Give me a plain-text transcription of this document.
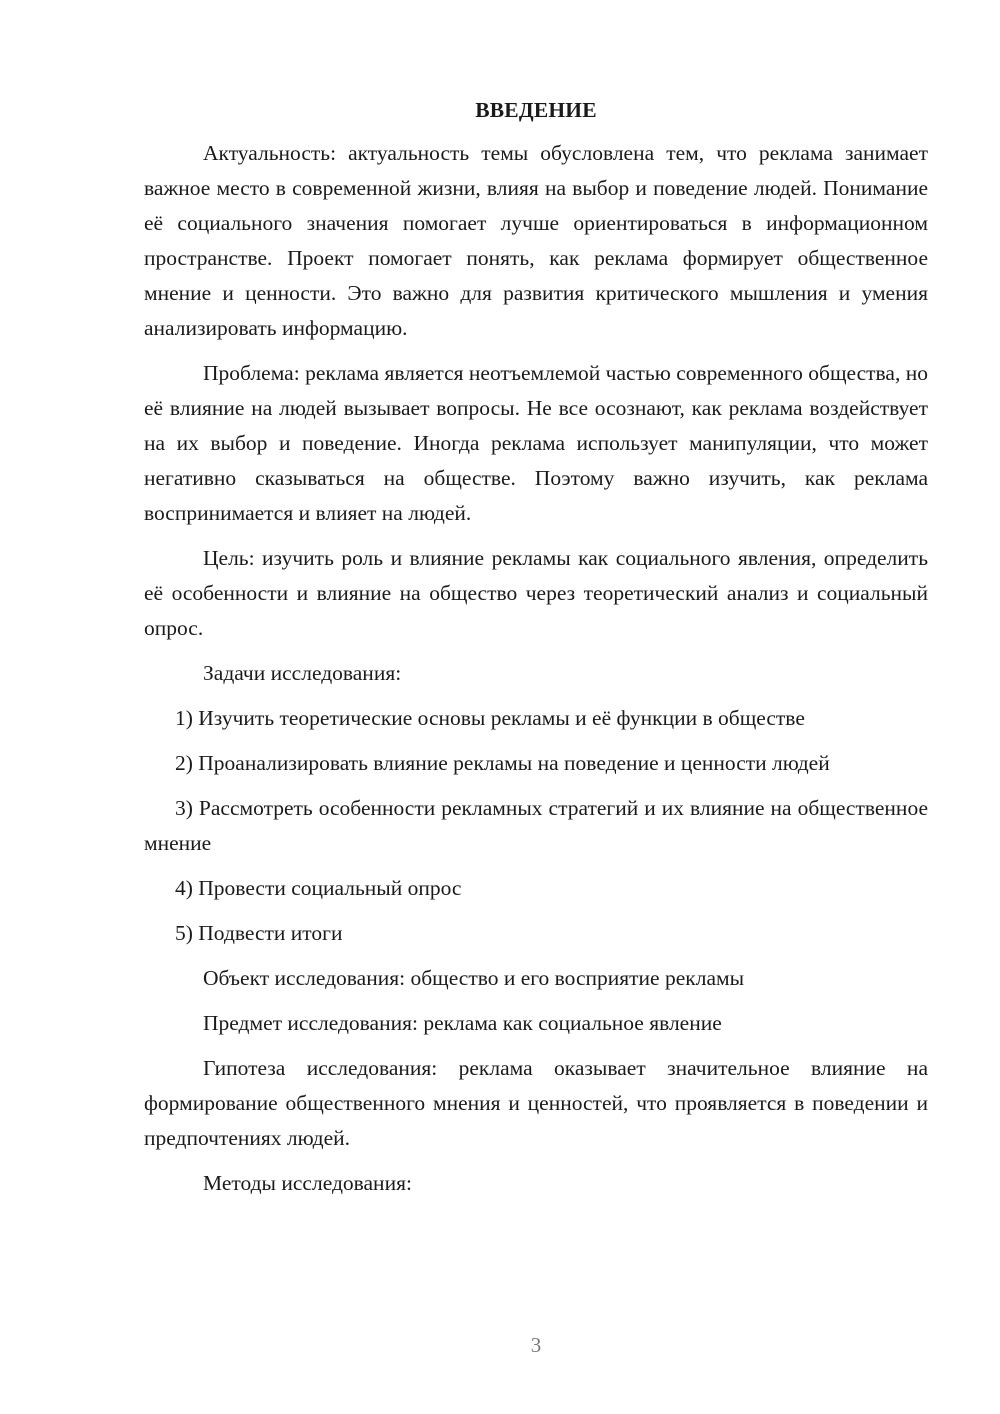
ВВЕДЕНИЕ

Актуальность: актуальность темы обусловлена тем, что реклама занимает важное место в современной жизни, влияя на выбор и поведение людей. Понимание её социального значения помогает лучше ориентироваться в информационном пространстве. Проект помогает понять, как реклама формирует общественное мнение и ценности. Это важно для развития критического мышления и умения анализировать информацию.

Проблема: реклама является неотъемлемой частью современного общества, но её влияние на людей вызывает вопросы. Не все осознают, как реклама воздействует на их выбор и поведение. Иногда реклама использует манипуляции, что может негативно сказываться на обществе. Поэтому важно изучить, как реклама воспринимается и влияет на людей.

Цель: изучить роль и влияние рекламы как социального явления, определить её особенности и влияние на общество через теоретический анализ и социальный опрос.

Задачи исследования:

1) Изучить теоретические основы рекламы и её функции в обществе

2) Проанализировать влияние рекламы на поведение и ценности людей

3) Рассмотреть особенности рекламных стратегий и их влияние на общественное мнение

4) Провести социальный опрос

5) Подвести итоги

Объект исследования: общество и его восприятие рекламы

Предмет исследования: реклама как социальное явление

Гипотеза исследования: реклама оказывает значительное влияние на формирование общественного мнения и ценностей, что проявляется в поведении и предпочтениях людей.

Методы исследования:

3
